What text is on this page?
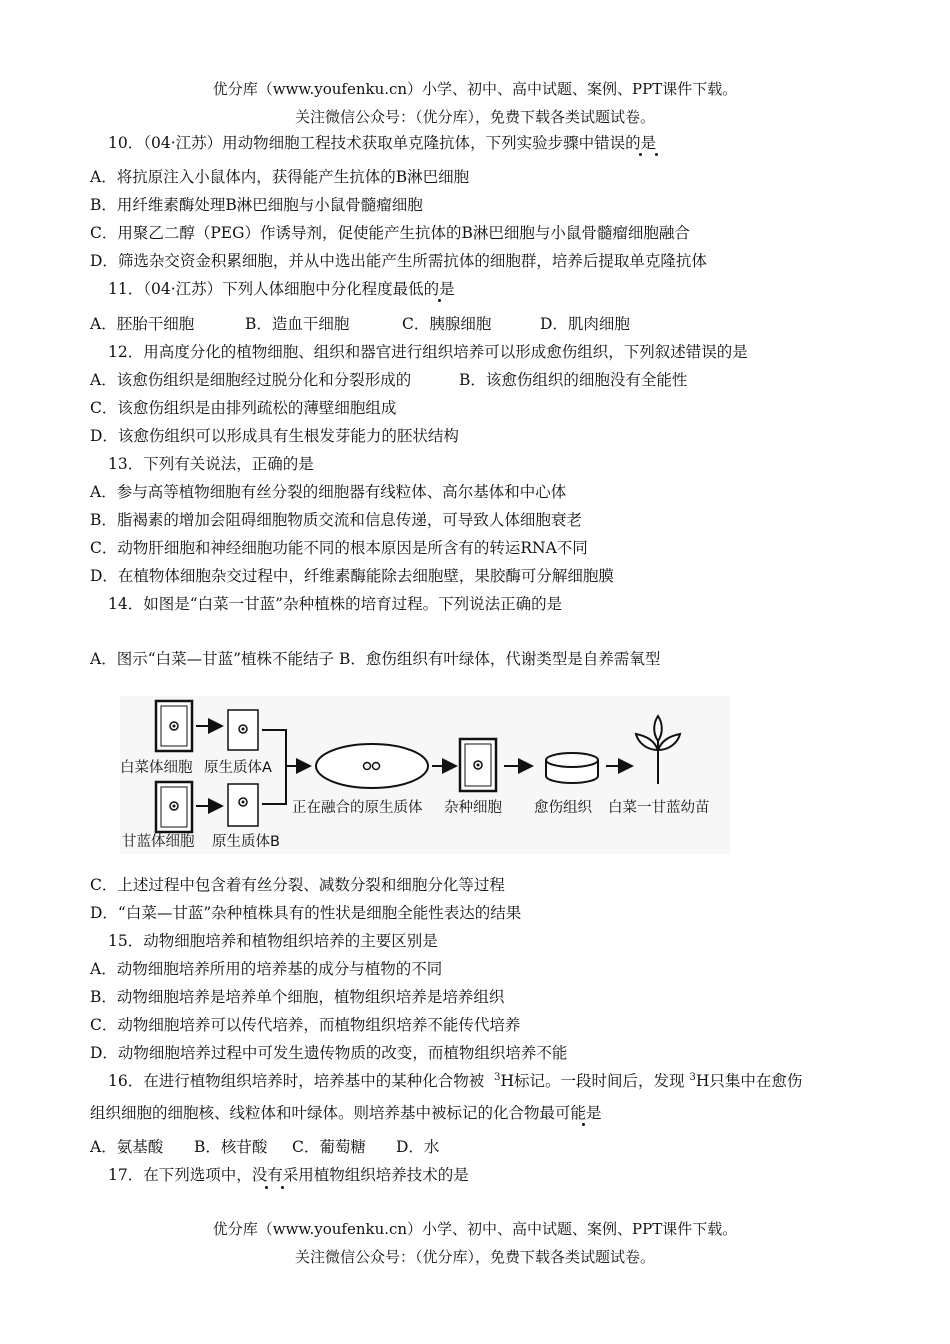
优分库（www.youfenku.cn）小学、初中、高中试题、案例、PPT课件下载。
关注微信公众号：（优分库），免费下载各类试题试卷。
10．（04·江苏）用动物细胞工程技术获取单克隆抗体，下列实验步骤中错误的是
A．将抗原注入小鼠体内，获得能产生抗体的B淋巴细胞
B．用纤维素酶处理B淋巴细胞与小鼠骨髓瘤细胞
C．用聚乙二醇（PEG）作诱导剂，促使能产生抗体的B淋巴细胞与小鼠骨髓瘤细胞融合
D．筛选杂交资金积累细胞，并从中选出能产生所需抗体的细胞群，培养后提取单克隆抗体
11．（04·江苏）下列人体细胞中分化程度最低的是
A．胚胎干细胞	B．造血干细胞	C．胰腺细胞	D．肌肉细胞
12．用高度分化的植物细胞、组织和器官进行组织培养可以形成愈伤组织，下列叙述错误的是
A．该愈伤组织是细胞经过脱分化和分裂形成的	B．该愈伤组织的细胞没有全能性
C．该愈伤组织是由排列疏松的薄壁细胞组成
D．该愈伤组织可以形成具有生根发芽能力的胚状结构
13．下列有关说法，正确的是
A．参与高等植物细胞有丝分裂的细胞器有线粒体、高尔基体和中心体
B．脂褐素的增加会阻碍细胞物质交流和信息传递，可导致人体细胞衰老
C．动物肝细胞和神经细胞功能不同的根本原因是所含有的转运RNA不同
D．在植物体细胞杂交过程中，纤维素酶能除去细胞壁，果胶酶可分解细胞膜
14．如图是“白菜一甘蓝”杂种植株的培育过程。下列说法正确的是
A．图示“白菜—甘蓝”植株不能结子 B．愈伤组织有叶绿体，代谢类型是自养需氧型
白菜体细胞 原生质体A
甘蓝体细胞 原生质体B
正在融合的原生质体 杂种细胞 愈伤组织 白菜一甘蓝幼苗
C．上述过程中包含着有丝分裂、减数分裂和细胞分化等过程
D．“白菜—甘蓝”杂种植株具有的性状是细胞全能性表达的结果
15．动物细胞培养和植物组织培养的主要区别是
A．动物细胞培养所用的培养基的成分与植物的不同
B．动物细胞培养是培养单个细胞，植物组织培养是培养组织
C．动物细胞培养可以传代培养，而植物组织培养不能传代培养
D．动物细胞培养过程中可发生遗传物质的改变，而植物组织培养不能
16．在进行植物组织培养时，培养基中的某种化合物被 $^3$H标记。一段时间后，发现 $^3$H只集中在愈伤
组织细胞的细胞核、线粒体和叶绿体。则培养基中被标记的化合物最可能是
A．氨基酸 B．核苷酸 C．葡萄糖 D．水
17．在下列选项中，没有采用植物组织培养技术的是
优分库（www.youfenku.cn）小学、初中、高中试题、案例、PPT课件下载。
关注微信公众号：（优分库），免费下载各类试题试卷。
